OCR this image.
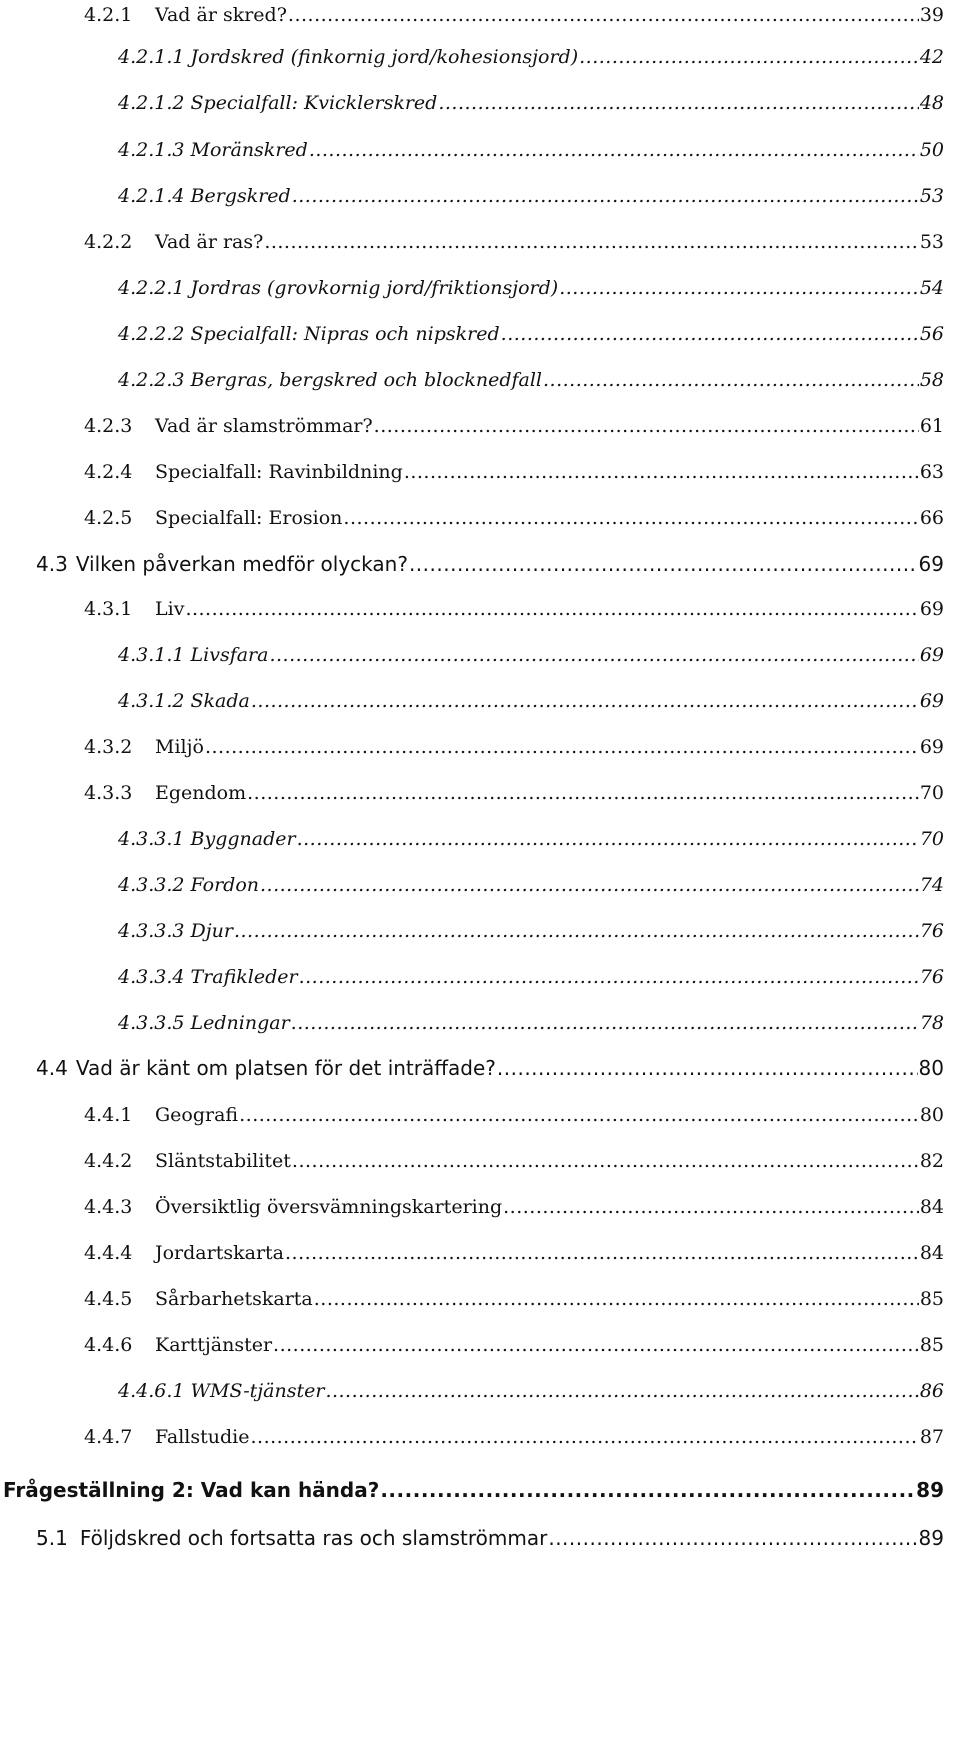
4.2.1	Vad är skred? .....	39
4.2.1.1 Jordskred (finkornig jord/kohesionsjord) .....	42
4.2.1.2 Specialfall: Kvicklerskred .....	48
4.2.1.3 Moränskred .....	50
4.2.1.4 Bergskred .....	53
4.2.2	Vad är ras? .....	53
4.2.2.1 Jordras (grovkornig jord/friktionsjord) .....	54
4.2.2.2 Specialfall: Nipras och nipskred .....	56
4.2.2.3 Bergras, bergskred och blocknedfall .....	58
4.2.3	Vad är slamströmmar? .....	61
4.2.4	Specialfall: Ravinbildning .....	63
4.2.5	Specialfall: Erosion .....	66
4.3 Vilken påverkan medför olyckan? .....	69
4.3.1	Liv .....	69
4.3.1.1 Livsfara .....	69
4.3.1.2 Skada .....	69
4.3.2	Miljö .....	69
4.3.3	Egendom .....	70
4.3.3.1 Byggnader .....	70
4.3.3.2 Fordon .....	74
4.3.3.3 Djur .....	76
4.3.3.4 Trafikleder .....	76
4.3.3.5 Ledningar .....	78
4.4 Vad är känt om platsen för det inträffade? .....	80
4.4.1	Geografi .....	80
4.4.2	Släntstabilitet .....	82
4.4.3	Översiktlig översvämningskartering .....	84
4.4.4	Jordartskarta .....	84
4.4.5	Sårbarhetskarta .....	85
4.4.6	Karttjänster .....	85
4.4.6.1 WMS-tjänster .....	86
4.4.7	Fallstudie .....	87
Frågeställning 2: Vad kan hända? .....	89
5.1 Följdskred och fortsatta ras och slamströmmar .....	89
